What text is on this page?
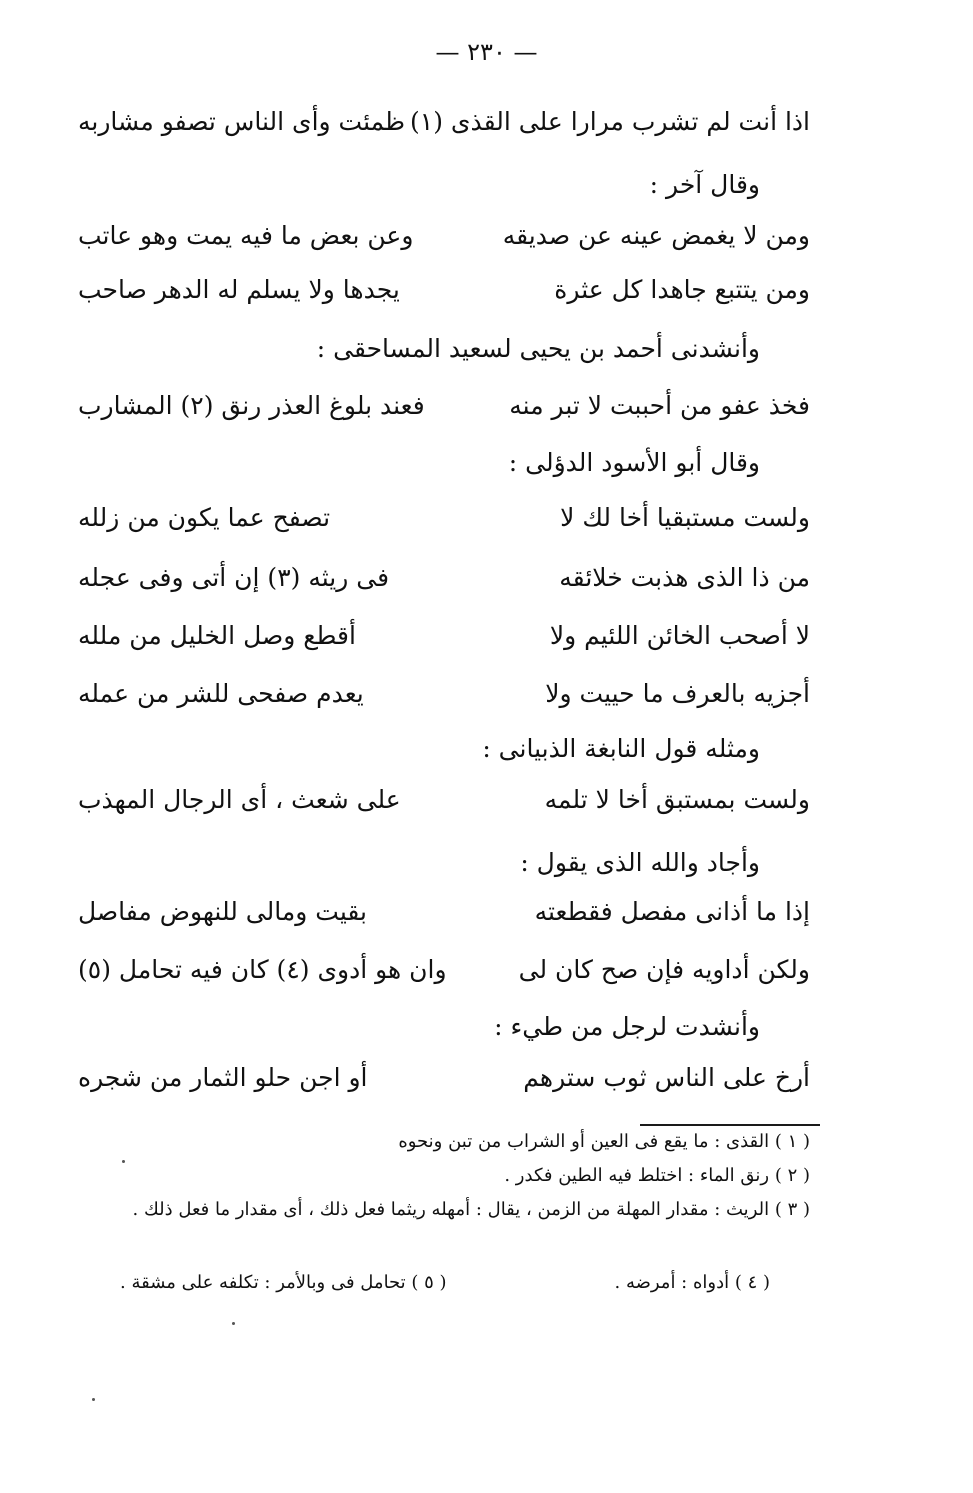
— ٢٣٠ —
اذا أنت لم تشرب مرارا على القذى (١)
ظمئت وأى الناس تصفو مشاربه
وقال آخر :
ومن لا يغمض عينه عن صديقه
وعن بعض ما فيه يمت وهو عاتب
ومن يتتبع جاهدا كل عثرة
يجدها ولا يسلم له الدهر صاحب
وأنشدنى أحمد بن يحيى لسعيد المساحقى :
فخذ عفو من أحببت لا تبر منه
فعند بلوغ العذر رنق (٢) المشارب
وقال أبو الأسود الدؤلى :
ولست مستبقيا أخا لك لا
تصفح عما يكون من زلله
من ذا الذى هذبت خلائقه
فى ريثه (٣) إن أتى وفى عجله
لا أصحب الخائن اللئيم ولا
أقطع وصل الخليل من ملله
أجزيه بالعرف ما حييت ولا
يعدم صفحى للشر من عمله
ومثله قول النابغة الذبيانى :
ولست بمستبق أخا لا تلمه
على شعث ، أى الرجال المهذب
وأجاد والله الذى يقول :
إذا ما أذانى مفصل فقطعته
بقيت ومالى للنهوض مفاصل
ولكن أداويه فإن صح كان لى
وان هو أدوى (٤) كان فيه تحامل (٥)
وأنشدت لرجل من طيء :
أرخ على الناس ثوب سترهم
أو اجن حلو الثمار من شجره
( ١ ) القذى : ما يقع فى العين أو الشراب من تبن ونحوه
( ٢ ) رنق الماء : اختلط فيه الطين فكدر .
( ٣ ) الريث : مقدار المهلة من الزمن ، يقال : أمهله ريثما فعل ذلك ، أى مقدار ما فعل ذلك .
( ٤ ) أدواه : أمرضه .
( ٥ ) تحامل فى وبالأمر : تكلفه على مشقة .
